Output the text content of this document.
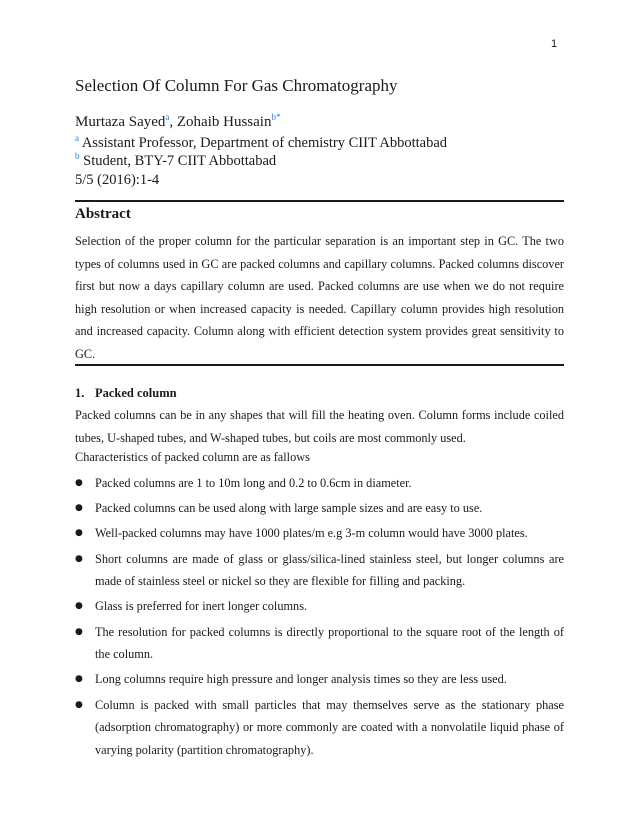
1
Selection Of Column For Gas Chromatography
Murtaza Sayed$^a$, Zohaib Hussain$^{b*}$
$^a$ Assistant Professor, Department of chemistry CIIT Abbottabad
$^b$ Student, BTY-7 CIIT Abbottabad
5/5 (2016):1-4
Abstract

Selection of the proper column for the particular separation is an important step in GC. The two types of columns used in GC are packed columns and capillary columns. Packed columns discover first but now a days capillary column are used. Packed columns are use when we do not require high resolution or when increased capacity is needed. Capillary column provides high resolution and increased capacity. Column along with efficient detection system provides great sensitivity to GC.

1. Packed column

Packed columns can be in any shapes that will fill the heating oven. Column forms include coiled tubes, U-shaped tubes, and W-shaped tubes, but coils are most commonly used.

Characteristics of packed column are as fallows

● Packed columns are 1 to 10m long and 0.2 to 0.6cm in diameter.
● Packed columns can be used along with large sample sizes and are easy to use.
● Well-packed columns may have 1000 plates/m e.g 3-m column would have 3000 plates.
● Short columns are made of glass or glass/silica-lined stainless steel, but longer columns are made of stainless steel or nickel so they are flexible for filling and packing.
● Glass is preferred for inert longer columns.
● The resolution for packed columns is directly proportional to the square root of the length of the column.
● Long columns require high pressure and longer analysis times so they are less used.
● Column is packed with small particles that may themselves serve as the stationary phase (adsorption chromatography) or more commonly are coated with a nonvolatile liquid phase of varying polarity (partition chromatography).
